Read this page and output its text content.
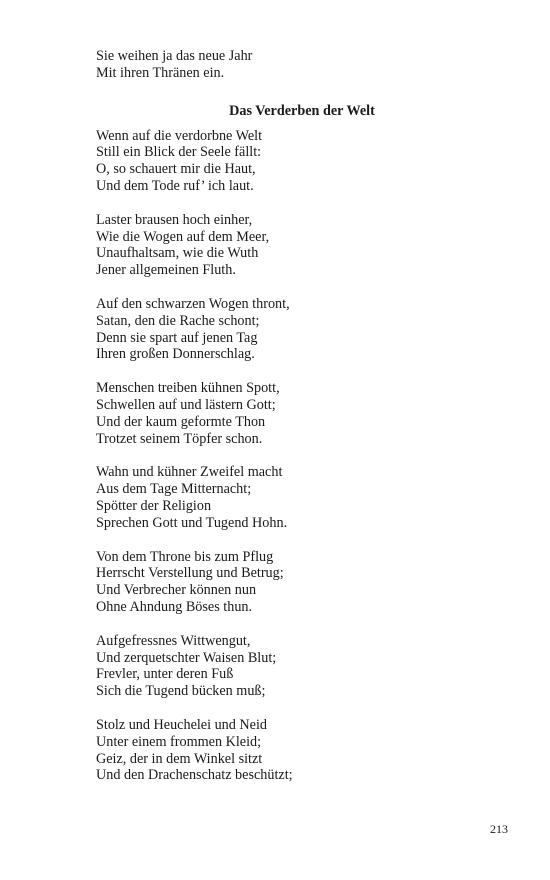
Sie weihen ja das neue Jahr
Mit ihren Thränen ein.
Das Verderben der Welt
Wenn auf die verdorbne Welt
Still ein Blick der Seele fällt:
O, so schauert mir die Haut,
Und dem Tode ruf’ ich laut.
Laster brausen hoch einher,
Wie die Wogen auf dem Meer,
Unaufhaltsam, wie die Wuth
Jener allgemeinen Fluth.
Auf den schwarzen Wogen thront,
Satan, den die Rache schont;
Denn sie spart auf jenen Tag
Ihren großen Donnerschlag.
Menschen treiben kühnen Spott,
Schwellen auf und lästern Gott;
Und der kaum geformte Thon
Trotzet seinem Töpfer schon.
Wahn und kühner Zweifel macht
Aus dem Tage Mitternacht;
Spötter der Religion
Sprechen Gott und Tugend Hohn.
Von dem Throne bis zum Pflug
Herrscht Verstellung und Betrug;
Und Verbrecher können nun
Ohne Ahndung Böses thun.
Aufgefressnes Wittwengut,
Und zerquetschter Waisen Blut;
Frevler, unter deren Fuß
Sich die Tugend bücken muß;
Stolz und Heuchelei und Neid
Unter einem frommen Kleid;
Geiz, der in dem Winkel sitzt
Und den Drachenschatz beschützt;
213
